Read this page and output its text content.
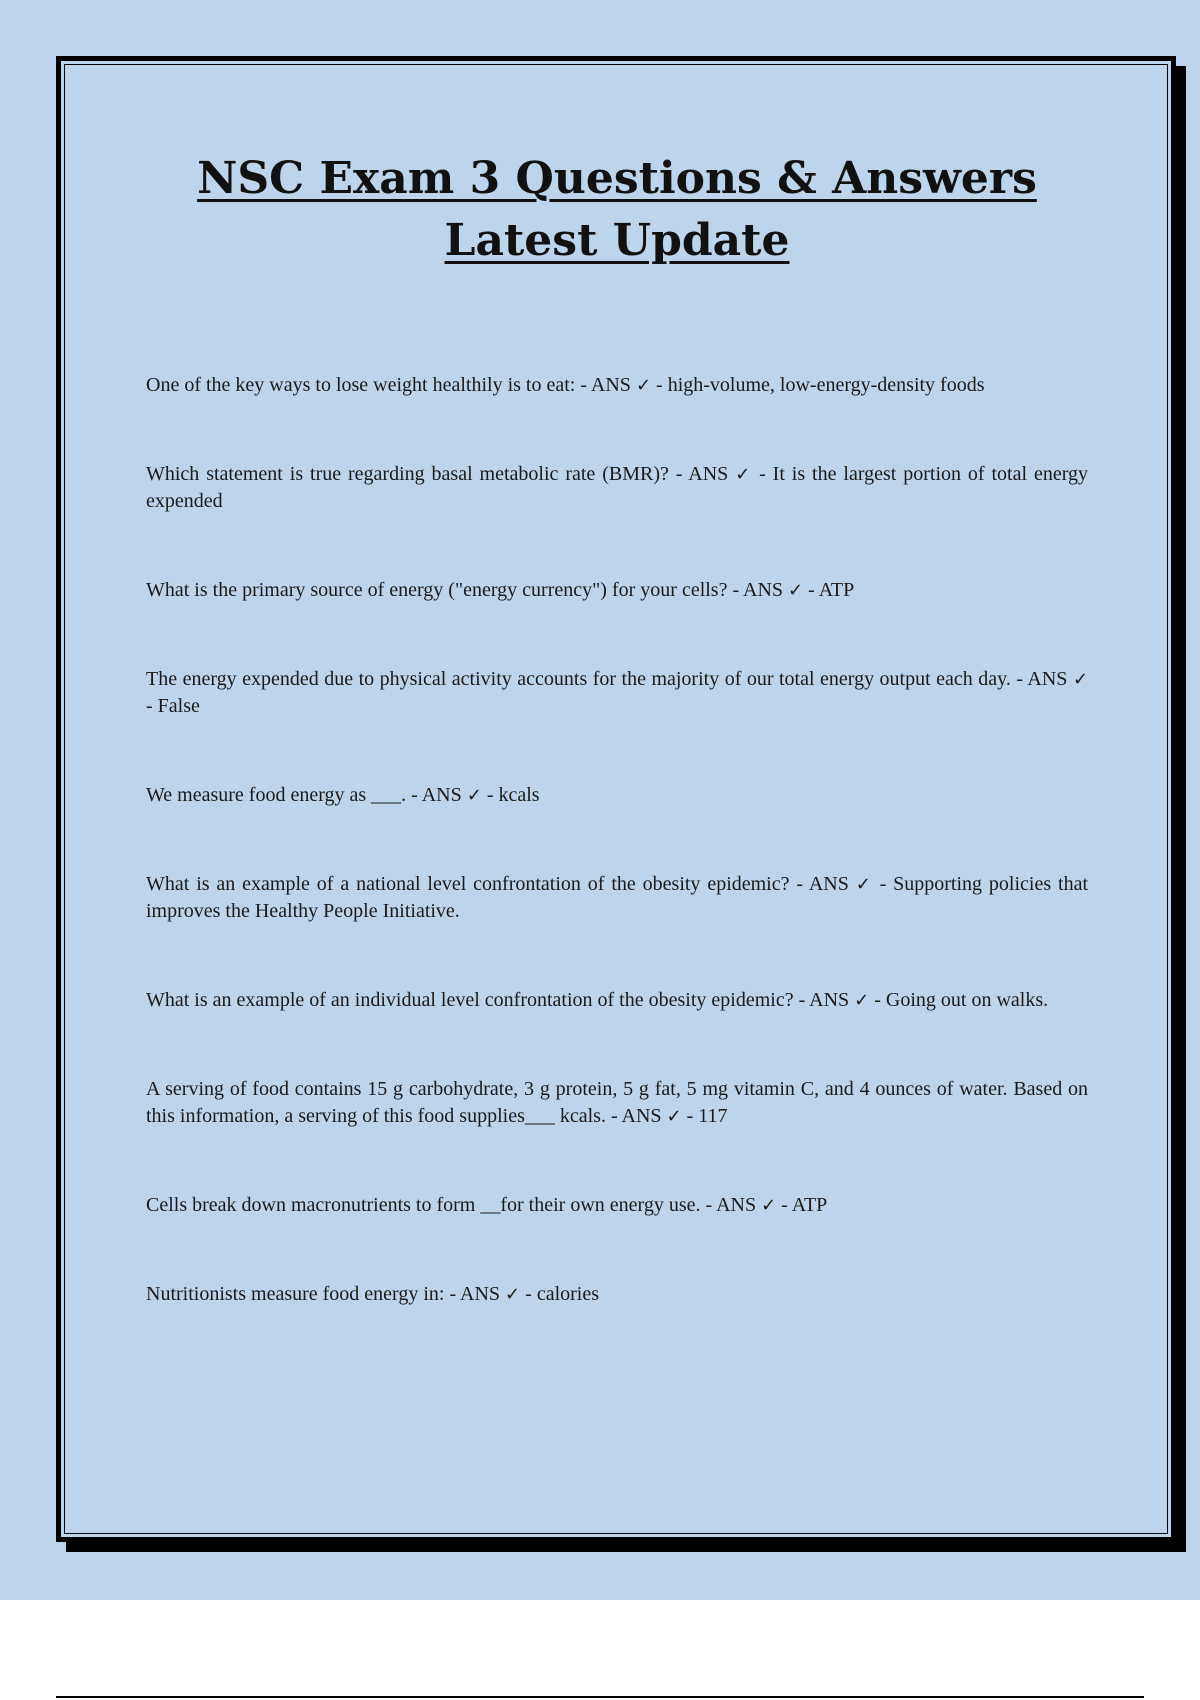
NSC Exam 3 Questions & Answers Latest Update
One of the key ways to lose weight healthily is to eat: - ANS ✓ - high-volume, low-energy-density foods
Which statement is true regarding basal metabolic rate (BMR)? - ANS ✓ - It is the largest portion of total energy expended
What is the primary source of energy ("energy currency") for your cells? - ANS ✓ - ATP
The energy expended due to physical activity accounts for the majority of our total energy output each day. - ANS ✓ - False
We measure food energy as ___. - ANS ✓ - kcals
What is an example of a national level confrontation of the obesity epidemic? - ANS ✓ - Supporting policies that improves the Healthy People Initiative.
What is an example of an individual level confrontation of the obesity epidemic? - ANS ✓ - Going out on walks.
A serving of food contains 15 g carbohydrate, 3 g protein, 5 g fat, 5 mg vitamin C, and 4 ounces of water. Based on this information, a serving of this food supplies___ kcals. - ANS ✓ - 117
Cells break down macronutrients to form __for their own energy use. - ANS ✓ - ATP
Nutritionists measure food energy in: - ANS ✓ - calories
